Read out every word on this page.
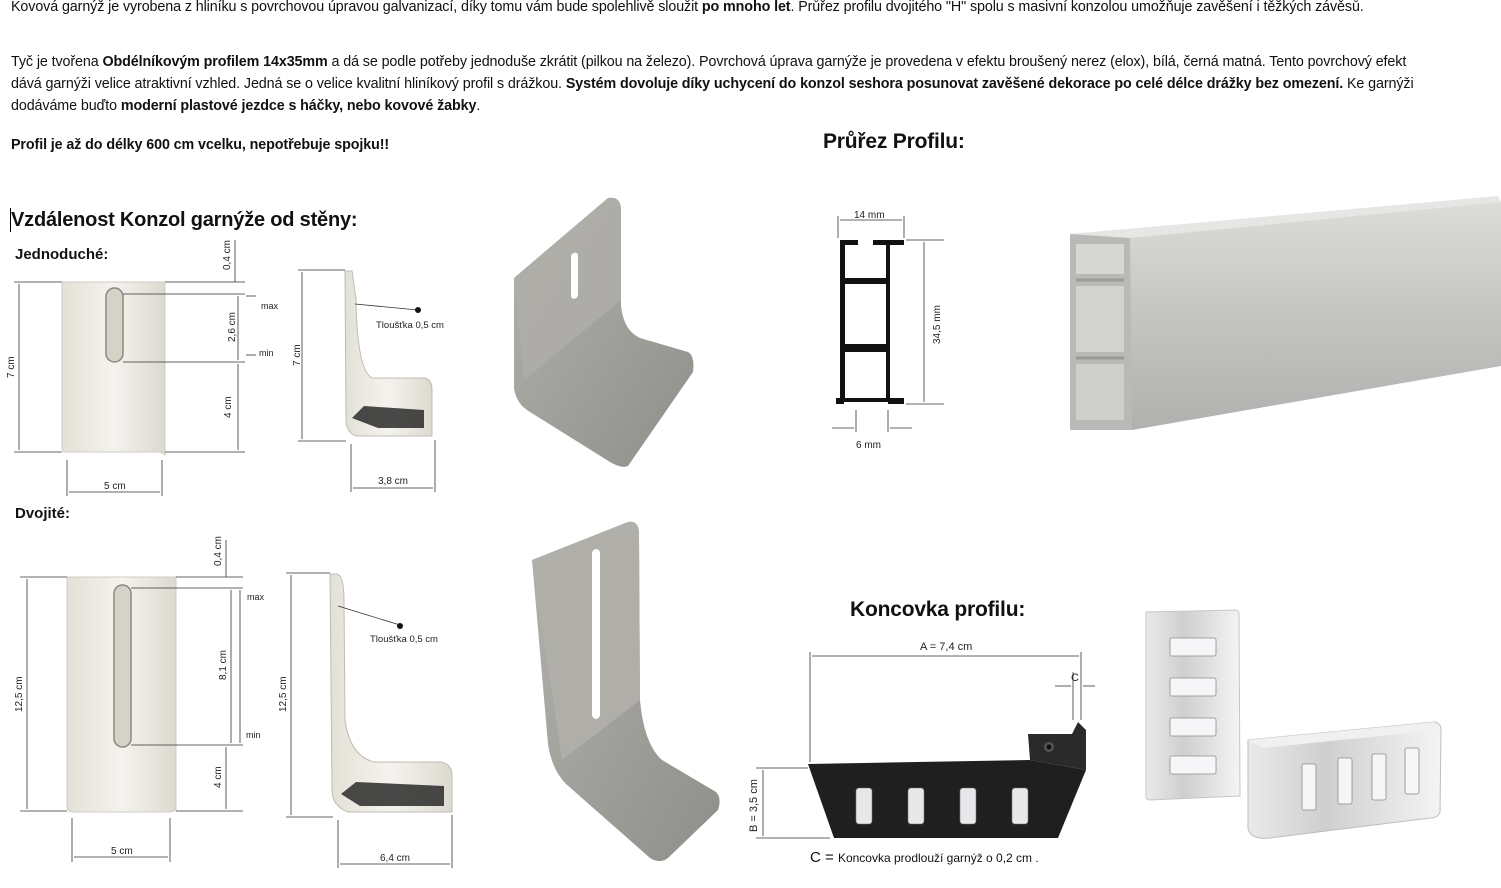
Kovová garnýž je vyrobena z hliníku s povrchovou úpravou galvanizací, díky tomu vám bude spolehlivě sloužit po mnoho let. Průřez profilu dvojitého "H" spolu s masivní konzolou umožňuje zavěšení i těžkých závěsů.
Tyč je tvořena Obdélníkovým profilem 14x35mm a dá se podle potřeby jednoduše zkrátit (pilkou na železo). Povrchová úprava garnýže je provedena v efektu broušený nerez (elox), bílá, černá matná. Tento povrchový efekt dává garnýži velice atraktivní vzhled. Jedná se o velice kvalitní hliníkový profil s drážkou. Systém dovoluje díky uchycení do konzol seshora posunovat zavěšené dekorace po celé délce drážky bez omezení. Ke garnýži dodáváme buďto moderní plastové jezdce s háčky, nebo kovové žabky.
Profil je až do délky 600 cm vcelku, nepotřebuje spojku!!
Vzdálenost Konzol garnýže od stěny:
Jednoduché:
Dvojité:
Průřez Profilu:
Koncovka profilu:
0,4 cm
7 cm
2,6 cm
max
min
4 cm
5 cm
7 cm
Tloušťka 0,5 cm
3,8 cm
0,4 cm
12,5 cm
8,1 cm
max
min
4 cm
5 cm
12,5 cm
Tloušťka 0,5 cm
6,4 cm
14 mm
34,5 mm
6 mm
A = 7,4 cm
C
B = 3,5 cm
C = Koncovka prodlouží garnýž o 0,2 cm .
